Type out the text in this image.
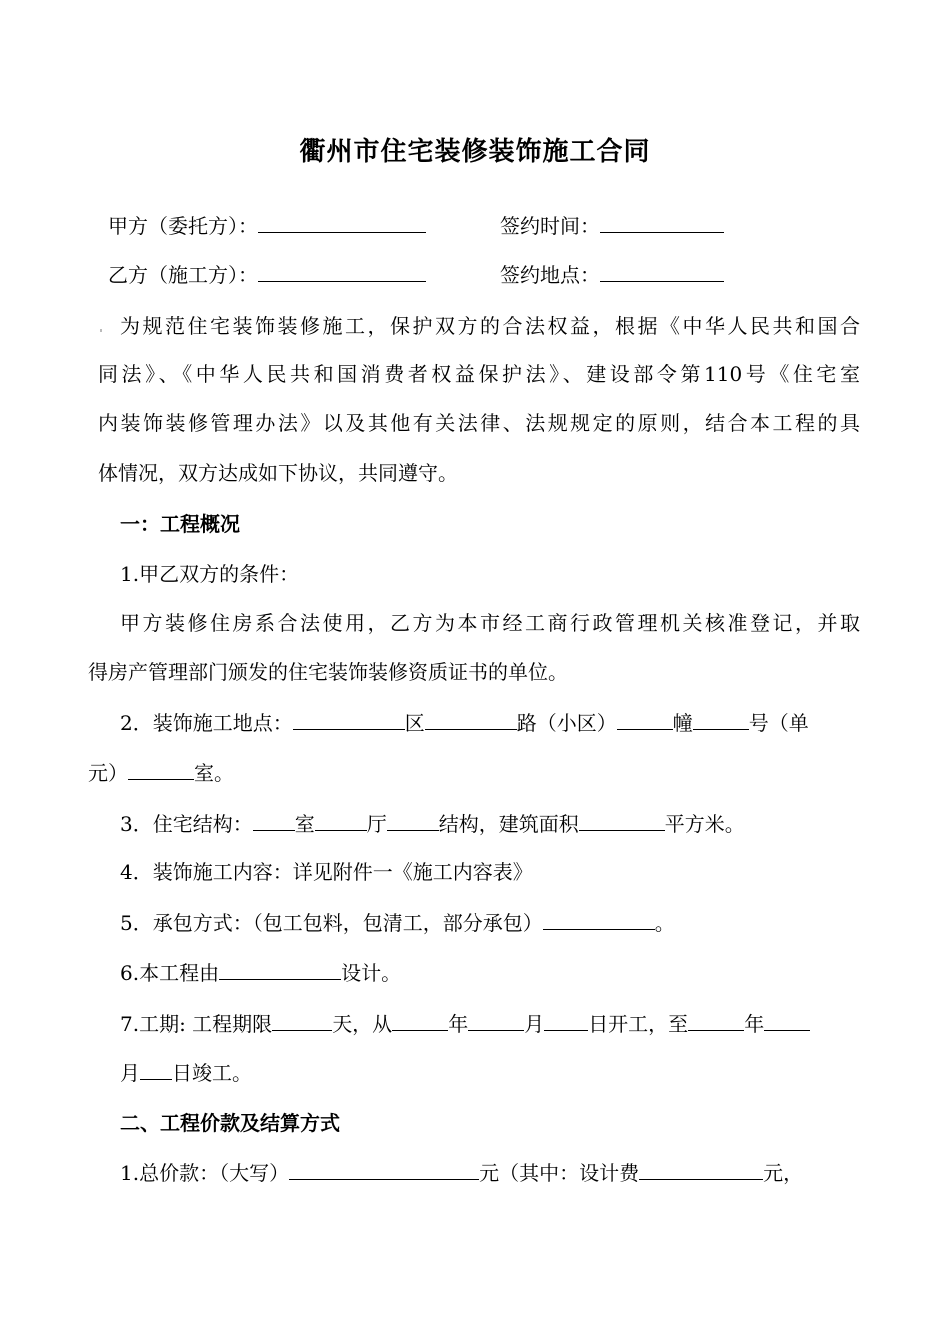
衢州市住宅装修装饰施工合同
甲方（委托方）：	签约时间：
乙方（施工方）：	签约地点：
为规范住宅装饰装修施工，保护双方的合法权益，根据《中华人民共和国合
同法》、《中华人民共和国消费者权益保护法》、建设部令第110号《住宅室
内装饰装修管理办法》以及其他有关法律、法规规定的原则，结合本工程的具
体情况，双方达成如下协议，共同遵守。
一：工程概况
1.甲乙双方的条件：
甲方装修住房系合法使用，乙方为本市经工商行政管理机关核准登记，并取
得房产管理部门颁发的住宅装饰装修资质证书的单位。
2．装饰施工地点：	区	路（小区）	幢	号（单
元）	室。
3．住宅结构： 室	厅	结构，建筑面积	平方米。
4．装饰施工内容：详见附件一《施工内容表》
5．承包方式：（包工包料，包清工，部分承包）	。
6.本工程由	设计。
7.工期: 工程期限	天，从	年	月 日开工，至	年
月 日竣工。
二、工程价款及结算方式
1.总价款：（大写）	元（其中：设计费	元，
